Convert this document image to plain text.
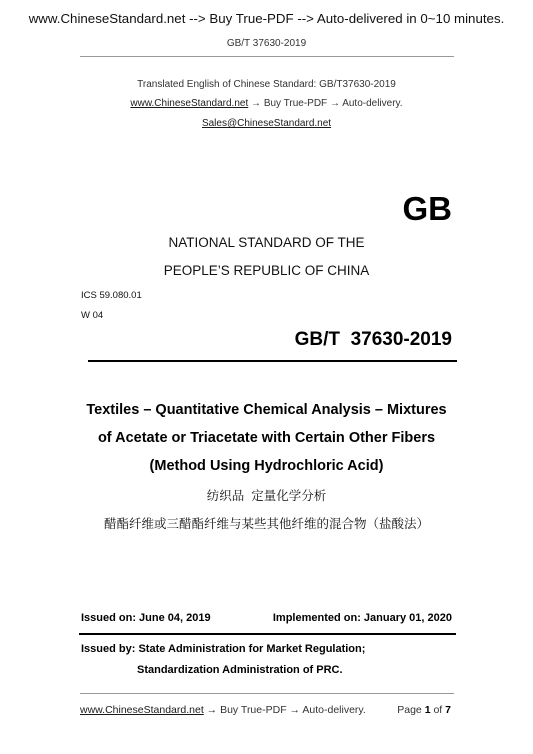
www.ChineseStandard.net --> Buy True-PDF --> Auto-delivered in 0~10 minutes.
GB/T 37630-2019
Translated English of Chinese Standard: GB/T37630-2019
www.ChineseStandard.net → Buy True-PDF → Auto-delivery.
Sales@ChineseStandard.net
GB
NATIONAL STANDARD OF THE
PEOPLE’S REPUBLIC OF CHINA
ICS 59.080.01
W 04
GB/T  37630-2019
Textiles – Quantitative Chemical Analysis – Mixtures
of Acetate or Triacetate with Certain Other Fibers
(Method Using Hydrochloric Acid)
纺织品  定量化学分析
醋酯纤维或三醋酯纤维与某些其他纤维的混合物（盐酸法）
Issued on: June 04, 2019	Implemented on: January 01, 2020
Issued by: State Administration for Market Regulation;
Standardization Administration of PRC.
www.ChineseStandard.net → Buy True-PDF → Auto-delivery.	Page 1 of 7
